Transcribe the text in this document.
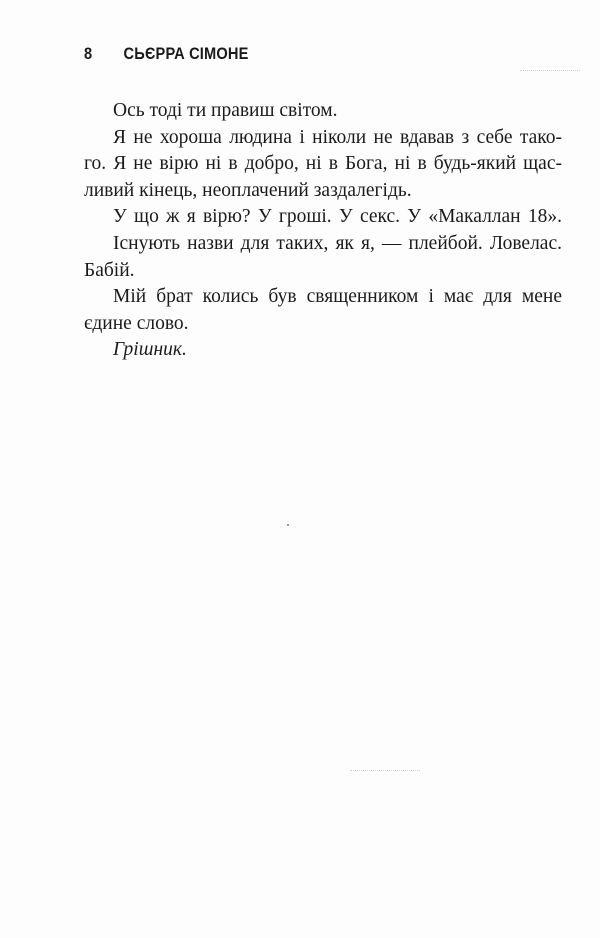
8 СЬЄРРА СІМОНЕ
Ось тоді ти правиш світом.
Я не хороша людина і ніколи не вдавав з себе тако-
го. Я не вірю ні в добро, ні в Бога, ні в будь-який щас-
ливий кінець, неоплачений заздалегідь.
У що ж я вірю? У гроші. У секс. У «Макаллан 18».
Існують назви для таких, як я, — плейбой. Ловелас.
Бабій.
Мій брат колись був священником і має для мене
єдине слово.
Грішник.
